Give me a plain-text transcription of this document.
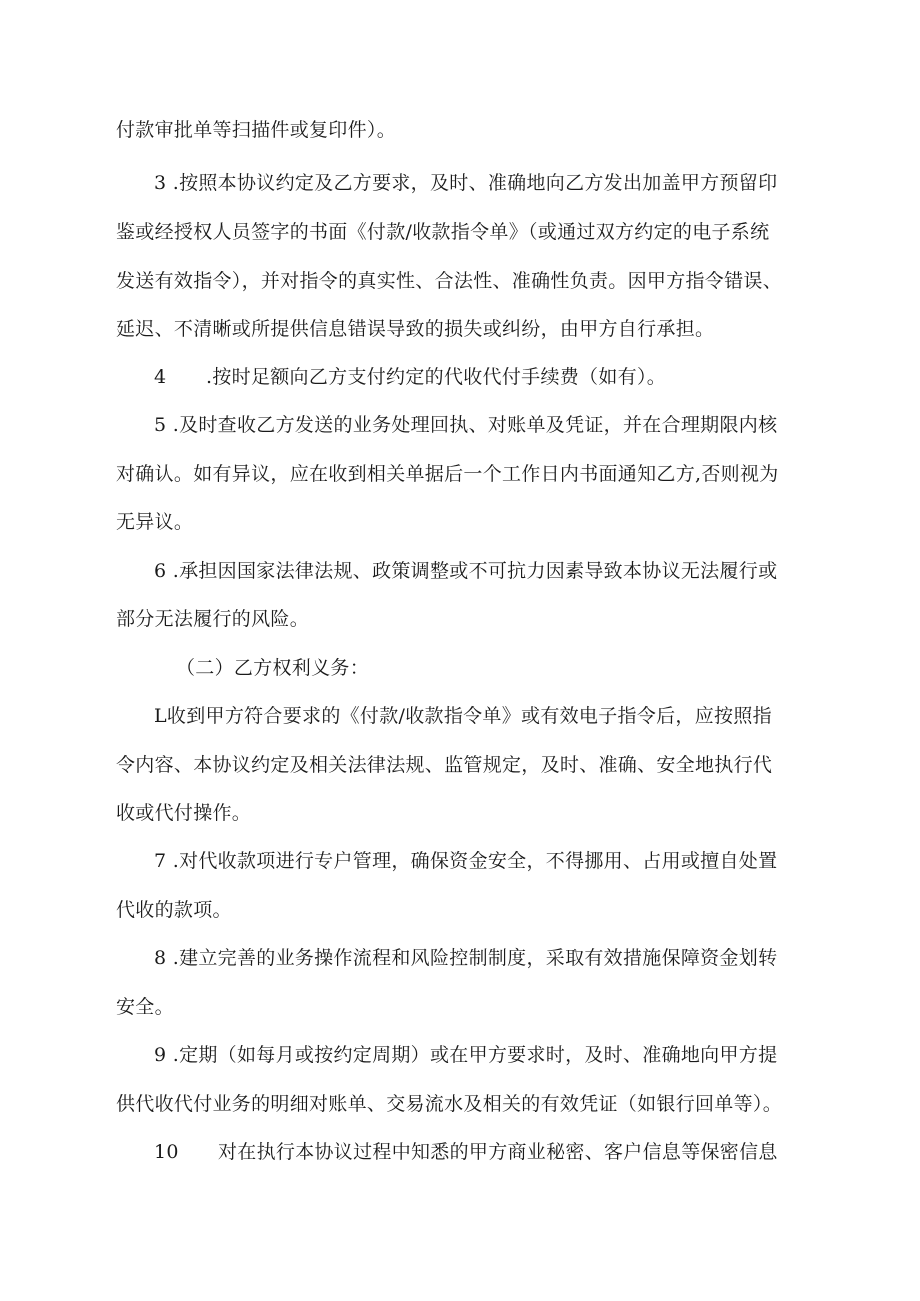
付款审批单等扫描件或复印件）。
3 .按照本协议约定及乙方要求，及时、准确地向乙方发出加盖甲方预留印
鉴或经授权人员签字的书面《付款/收款指令单》（或通过双方约定的电子系统
发送有效指令），并对指令的真实性、合法性、准确性负责。因甲方指令错误、
延迟、不清晰或所提供信息错误导致的损失或纠纷，由甲方自行承担。
4 .按时足额向乙方支付约定的代收代付手续费（如有）。
5 .及时查收乙方发送的业务处理回执、对账单及凭证，并在合理期限内核
对确认。如有异议，应在收到相关单据后一个工作日内书面通知乙方,否则视为
无异议。
6 .承担因国家法律法规、政策调整或不可抗力因素导致本协议无法履行或
部分无法履行的风险。
（二）乙方权利义务：
L收到甲方符合要求的《付款/收款指令单》或有效电子指令后，应按照指
令内容、本协议约定及相关法律法规、监管规定，及时、准确、安全地执行代
收或代付操作。
7 .对代收款项进行专户管理，确保资金安全，不得挪用、占用或擅自处置
代收的款项。
8 .建立完善的业务操作流程和风险控制制度，采取有效措施保障资金划转
安全。
9 .定期（如每月或按约定周期）或在甲方要求时，及时、准确地向甲方提
供代收代付业务的明细对账单、交易流水及相关的有效凭证（如银行回单等）。
10 对在执行本协议过程中知悉的甲方商业秘密、客户信息等保密信息
